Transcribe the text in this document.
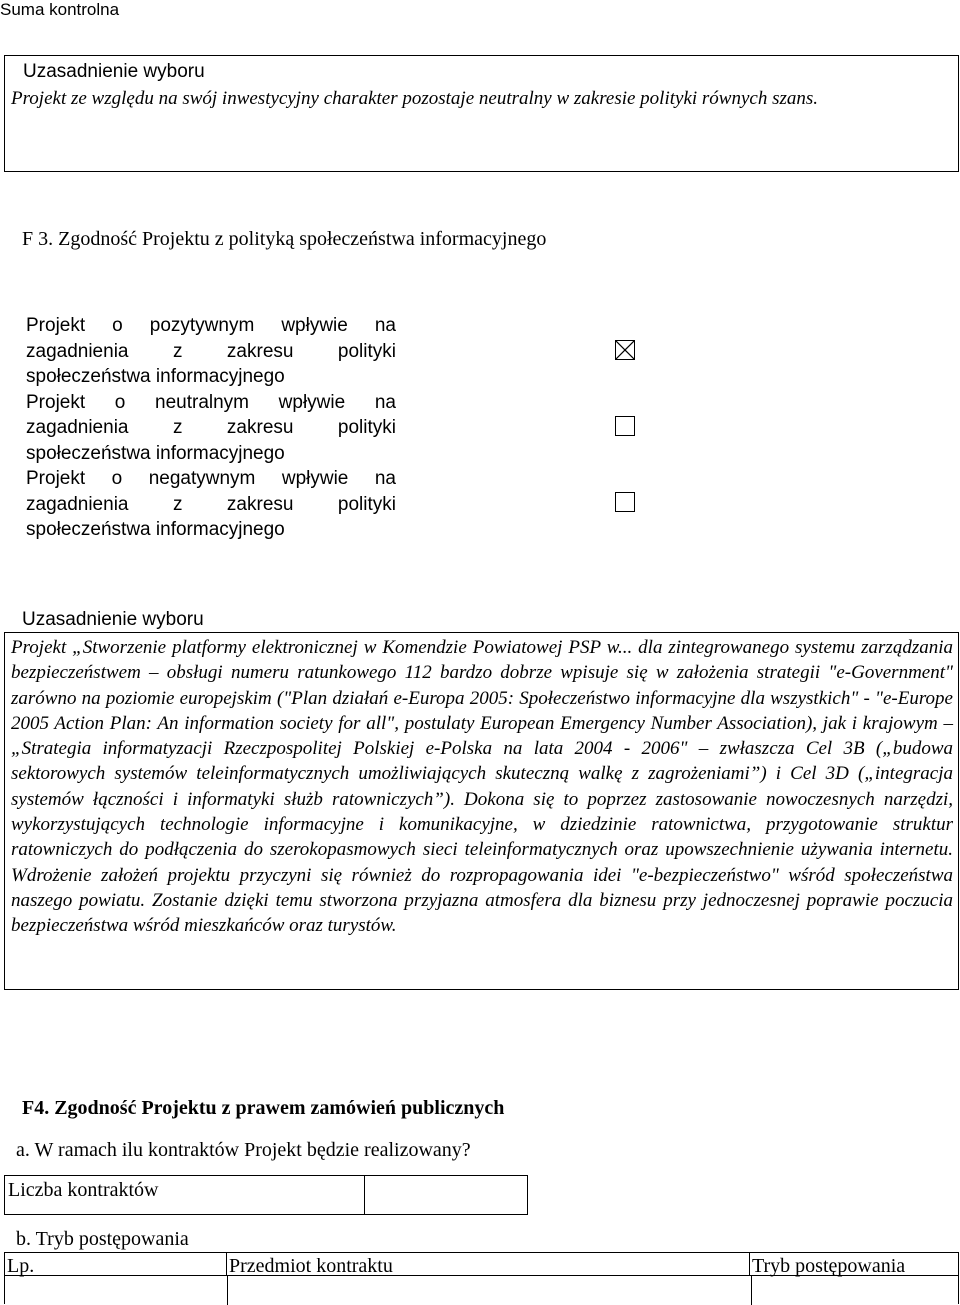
Suma kontrolna
Uzasadnienie wyboru
Projekt ze względu na swój inwestycyjny charakter pozostaje neutralny w zakresie polityki równych szans.
F 3. Zgodność Projektu z polityką społeczeństwa informacyjnego
Projekt o pozytywnym wpływie na zagadnienia z zakresu polityki społeczeństwa informacyjnego
Projekt o neutralnym wpływie na zagadnienia z zakresu polityki społeczeństwa informacyjnego
Projekt o negatywnym wpływie na zagadnienia z zakresu polityki społeczeństwa informacyjnego
Uzasadnienie wyboru
Projekt „Stworzenie platformy elektronicznej w Komendzie Powiatowej PSP w... dla zintegrowanego systemu zarządzania bezpieczeństwem – obsługi numeru ratunkowego 112 bardzo dobrze wpisuje się w założenia strategii "e-Government" zarówno na poziomie europejskim ("Plan działań e-Europa 2005: Społeczeństwo informacyjne dla wszystkich" - "e-Europe 2005 Action Plan: An information society for all", postulaty European Emergency Number Association), jak i krajowym – „Strategia informatyzacji Rzeczpospolitej Polskiej e-Polska na lata 2004 - 2006" – zwłaszcza Cel 3B („budowa sektorowych systemów teleinformatycznych umożliwiających skuteczną walkę z zagrożeniami”) i Cel 3D („integracja systemów łączności i informatyki służb ratowniczych”). Dokona się to poprzez zastosowanie nowoczesnych narzędzi, wykorzystujących technologie informacyjne i komunikacyjne, w dziedzinie ratownictwa, przygotowanie struktur ratowniczych do podłączenia do szerokopasmowych sieci teleinformatycznych oraz upowszechnienie używania internetu. Wdrożenie założeń projektu przyczyni się również do rozpropagowania idei "e-bezpieczeństwo" wśród społeczeństwa naszego powiatu. Zostanie dzięki temu stworzona przyjazna atmosfera dla biznesu przy jednoczesnej poprawie poczucia bezpieczeństwa wśród mieszkańców oraz turystów.
F4. Zgodność Projektu z prawem zamówień publicznych
a. W ramach ilu kontraktów Projekt będzie realizowany?
Liczba kontraktów
b. Tryb postępowania
Lp.	Przedmiot kontraktu	Tryb postępowania
